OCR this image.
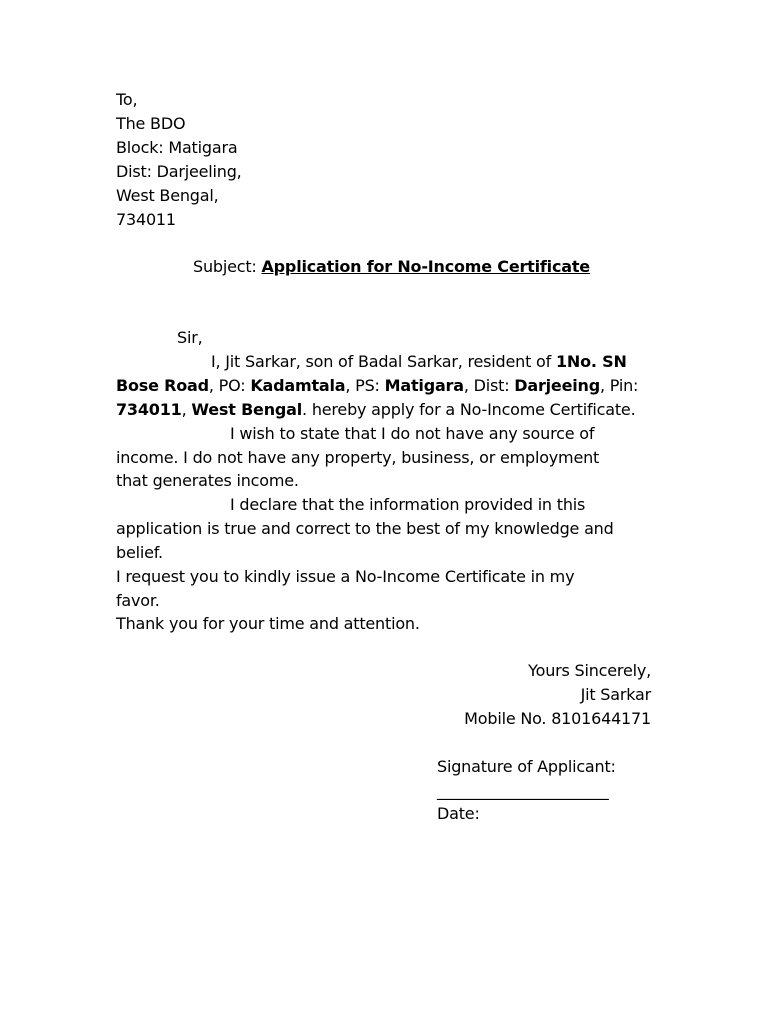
To,
The BDO
Block: Matigara
Dist: Darjeeling,
West Bengal,
734011
Subject: Application for No-Income Certificate
Sir,
I, Jit Sarkar, son of Badal Sarkar, resident of 1No. SN
Bose Road, PO: Kadamtala, PS: Matigara, Dist: Darjeeing, Pin:
734011, West Bengal. hereby apply for a No-Income Certificate.
I wish to state that I do not have any source of
income. I do not have any property, business, or employment
that generates income.
I declare that the information provided in this
application is true and correct to the best of my knowledge and
belief.
I request you to kindly issue a No-Income Certificate in my
favor.
Thank you for your time and attention.
Yours Sincerely,
Jit Sarkar
Mobile No. 8101644171
Signature of Applicant:
______________________
Date:
